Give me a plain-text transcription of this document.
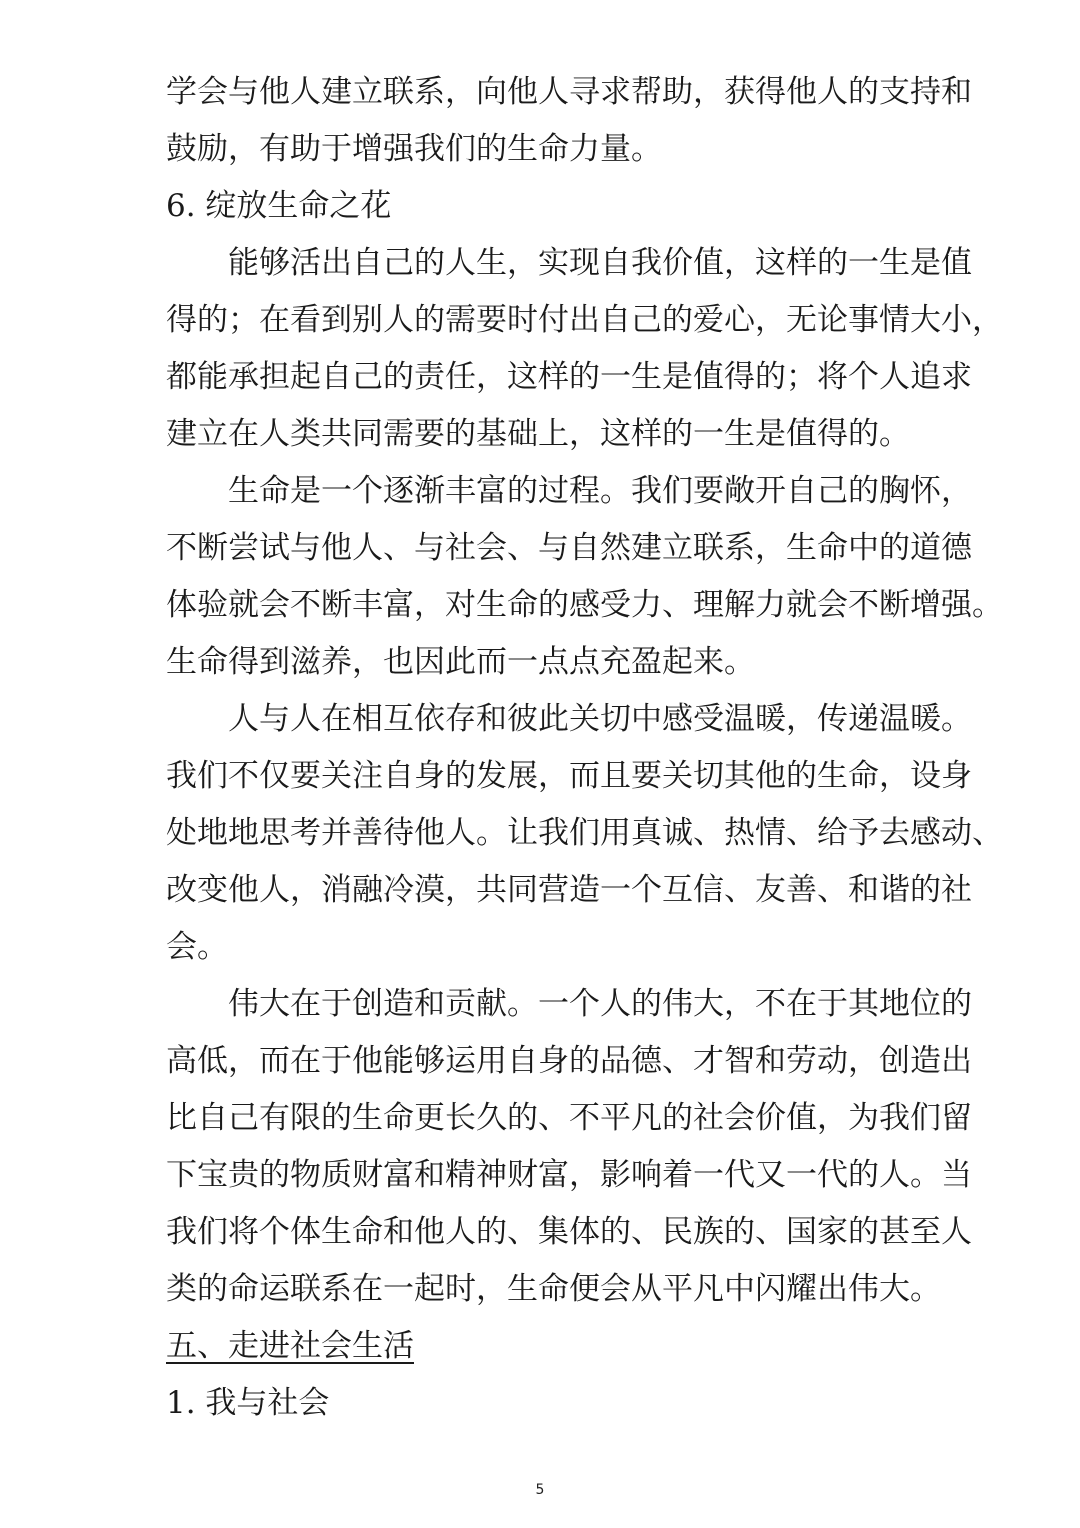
学会与他人建立联系，向他人寻求帮助，获得他人的支持和
鼓励，有助于增强我们的生命力量。
6. 绽放生命之花
能够活出自己的人生，实现自我价值，这样的一生是值
得的；在看到别人的需要时付出自己的爱心，无论事情大小，
都能承担起自己的责任，这样的一生是值得的；将个人追求
建立在人类共同需要的基础上，这样的一生是值得的。
生命是一个逐渐丰富的过程。我们要敞开自己的胸怀，
不断尝试与他人、与社会、与自然建立联系，生命中的道德
体验就会不断丰富，对生命的感受力、理解力就会不断增强。
生命得到滋养，也因此而一点点充盈起来。
人与人在相互依存和彼此关切中感受温暖，传递温暖。
我们不仅要关注自身的发展，而且要关切其他的生命，设身
处地地思考并善待他人。让我们用真诚、热情、给予去感动、
改变他人，消融冷漠，共同营造一个互信、友善、和谐的社
会。
伟大在于创造和贡献。一个人的伟大，不在于其地位的
高低，而在于他能够运用自身的品德、才智和劳动，创造出
比自己有限的生命更长久的、不平凡的社会价值，为我们留
下宝贵的物质财富和精神财富，影响着一代又一代的人。当
我们将个体生命和他人的、集体的、民族的、国家的甚至人
类的命运联系在一起时，生命便会从平凡中闪耀出伟大。
五、走进社会生活
1. 我与社会
5
